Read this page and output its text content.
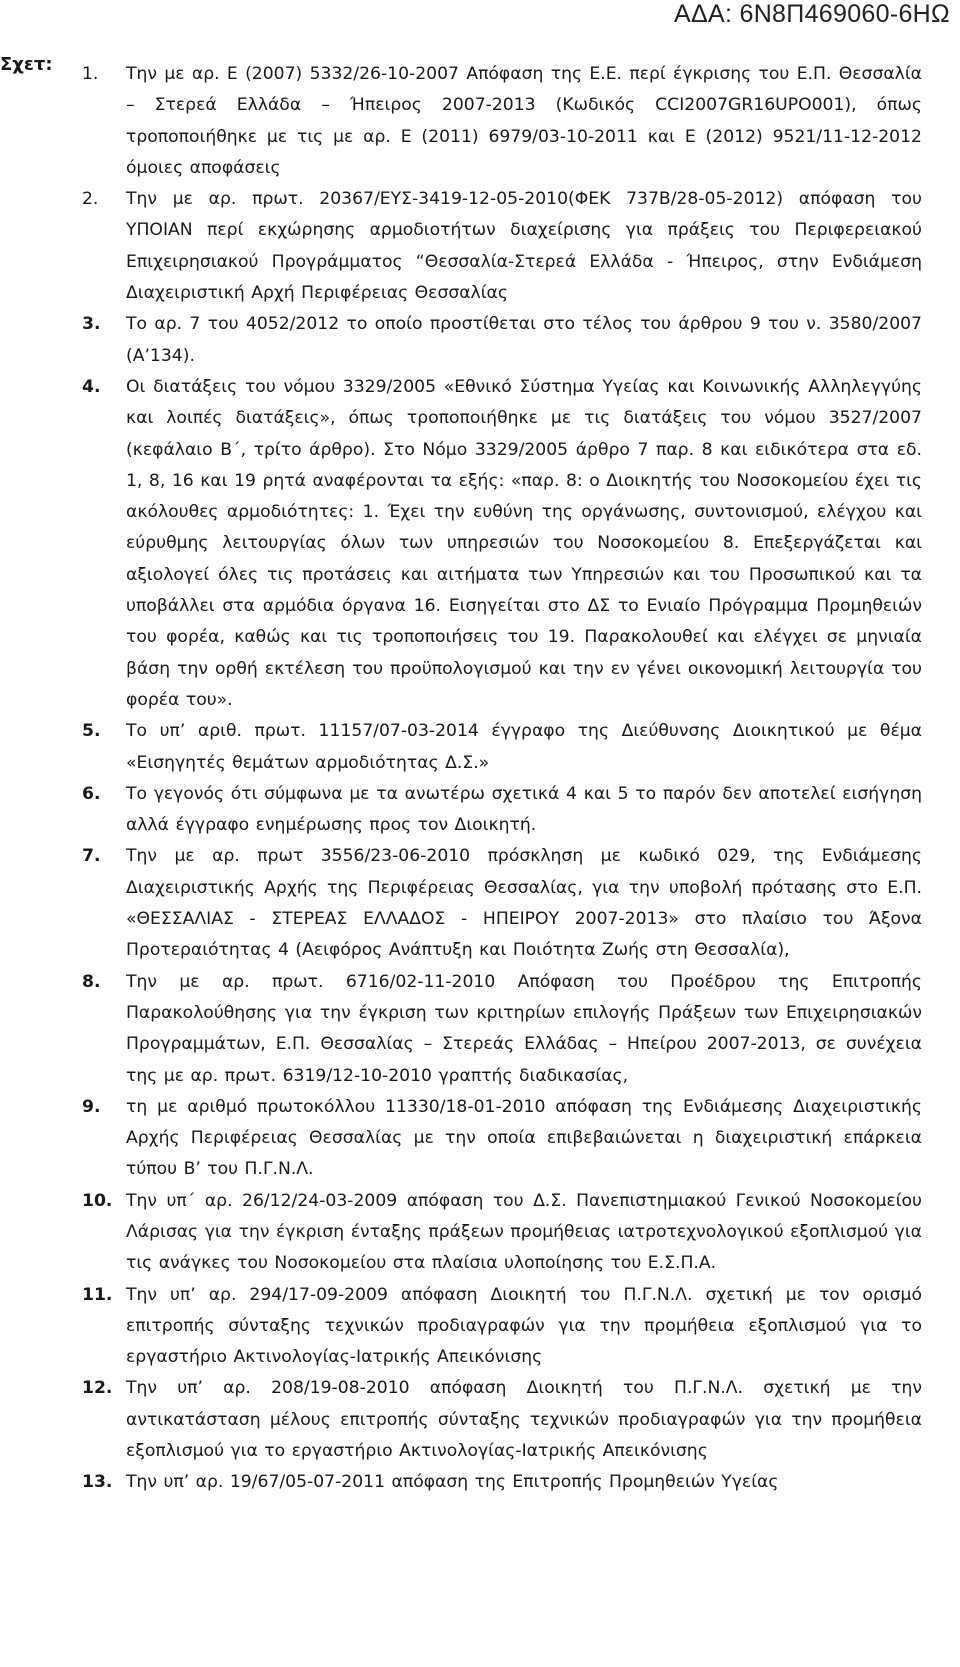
ΑΔΑ: 6Ν8Π469060-6ΗΩ
Σχετ: 1. Την με αρ. Ε (2007) 5332/26-10-2007 Απόφαση της Ε.Ε. περί έγκρισης του Ε.Π. Θεσσαλία – Στερεά Ελλάδα – Ήπειρος 2007-2013 (Κωδικός CCI2007GR16UPO001), όπως τροποποιήθηκε με τις με αρ. Ε (2011) 6979/03-10-2011 και Ε (2012) 9521/11-12-2012 όμοιες αποφάσεις
2. Την με αρ. πρωτ. 20367/ΕΥΣ-3419-12-05-2010(ΦΕΚ 737Β/28-05-2012) απόφαση του ΥΠΟΙΑΝ περί εκχώρησης αρμοδιοτήτων διαχείρισης για πράξεις του Περιφερειακού Επιχειρησιακού Προγράμματος “Θεσσαλία-Στερεά Ελλάδα - Ήπειρος, στην Ενδιάμεση Διαχειριστική Αρχή Περιφέρειας Θεσσαλίας
3. Το αρ. 7 του 4052/2012 το οποίο προστίθεται στο τέλος του άρθρου 9 του ν. 3580/2007 (Α’134).
4. Οι διατάξεις του νόμου 3329/2005 «Εθνικό Σύστημα Υγείας και Κοινωνικής Αλληλεγγύης και λοιπές διατάξεις», όπως τροποποιήθηκε με τις διατάξεις του νόμου 3527/2007 (κεφάλαιο Β΄, τρίτο άρθρο). Στο Νόμο 3329/2005 άρθρο 7 παρ. 8 και ειδικότερα στα εδ. 1, 8, 16 και 19 ρητά αναφέρονται τα εξής: «παρ. 8: ο Διοικητής του Νοσοκομείου έχει τις ακόλουθες αρμοδιότητες: 1. Έχει την ευθύνη της οργάνωσης, συντονισμού, ελέγχου και εύρυθμης λειτουργίας όλων των υπηρεσιών του Νοσοκομείου 8. Επεξεργάζεται και αξιολογεί όλες τις προτάσεις και αιτήματα των Υπηρεσιών και του Προσωπικού και τα υποβάλλει στα αρμόδια όργανα 16. Εισηγείται στο ΔΣ το Ενιαίο Πρόγραμμα Προμηθειών του φορέα, καθώς και τις τροποποιήσεις του 19. Παρακολουθεί και ελέγχει σε μηνιαία βάση την ορθή εκτέλεση του προϋπολογισμού και την εν γένει οικονομική λειτουργία του φορέα του».
5. Το υπ’ αριθ. πρωτ. 11157/07-03-2014 έγγραφο της Διεύθυνσης Διοικητικού με θέμα «Εισηγητές θεμάτων αρμοδιότητας Δ.Σ.»
6. Το γεγονός ότι σύμφωνα με τα ανωτέρω σχετικά 4 και 5 το παρόν δεν αποτελεί εισήγηση αλλά έγγραφο ενημέρωσης προς τον Διοικητή.
7. Την με αρ. πρωτ 3556/23-06-2010 πρόσκληση με κωδικό 029, της Ενδιάμεσης Διαχειριστικής Αρχής της Περιφέρειας Θεσσαλίας, για την υποβολή πρότασης στο Ε.Π. «ΘΕΣΣΑΛΙΑΣ - ΣΤΕΡΕΑΣ ΕΛΛΑΔΟΣ - ΗΠΕΙΡΟΥ 2007-2013» στο πλαίσιο του Άξονα Προτεραιότητας 4 (Αειφόρος Ανάπτυξη και Ποιότητα Ζωής στη Θεσσαλία),
8. Την με αρ. πρωτ. 6716/02-11-2010 Απόφαση του Προέδρου της Επιτροπής Παρακολούθησης για την έγκριση των κριτηρίων επιλογής Πράξεων των Επιχειρησιακών Προγραμμάτων, Ε.Π. Θεσσαλίας – Στερεάς Ελλάδας – Ηπείρου 2007-2013, σε συνέχεια της με αρ. πρωτ. 6319/12-10-2010 γραπτής διαδικασίας,
9. τη με αριθμό πρωτοκόλλου 11330/18-01-2010 απόφαση της Ενδιάμεσης Διαχειριστικής Αρχής Περιφέρειας Θεσσαλίας με την οποία επιβεβαιώνεται η διαχειριστική επάρκεια τύπου Β’ του Π.Γ.Ν.Λ.
10. Την υπ΄ αρ. 26/12/24-03-2009 απόφαση του Δ.Σ. Πανεπιστημιακού Γενικού Νοσοκομείου Λάρισας για την έγκριση ένταξης πράξεων προμήθειας ιατροτεχνολογικού εξοπλισμού για τις ανάγκες του Νοσοκομείου στα πλαίσια υλοποίησης του Ε.Σ.Π.Α.
11. Την υπ’ αρ. 294/17-09-2009 απόφαση Διοικητή του Π.Γ.Ν.Λ. σχετική με τον ορισμό επιτροπής σύνταξης τεχνικών προδιαγραφών για την προμήθεια εξοπλισμού για το εργαστήριο Ακτινολογίας-Ιατρικής Απεικόνισης
12. Την υπ’ αρ. 208/19-08-2010 απόφαση Διοικητή του Π.Γ.Ν.Λ. σχετική με την αντικατάσταση μέλους επιτροπής σύνταξης τεχνικών προδιαγραφών για την προμήθεια εξοπλισμού για το εργαστήριο Ακτινολογίας-Ιατρικής Απεικόνισης
13. Την υπ’ αρ. 19/67/05-07-2011 απόφαση της Επιτροπής Προμηθειών Υγείας
